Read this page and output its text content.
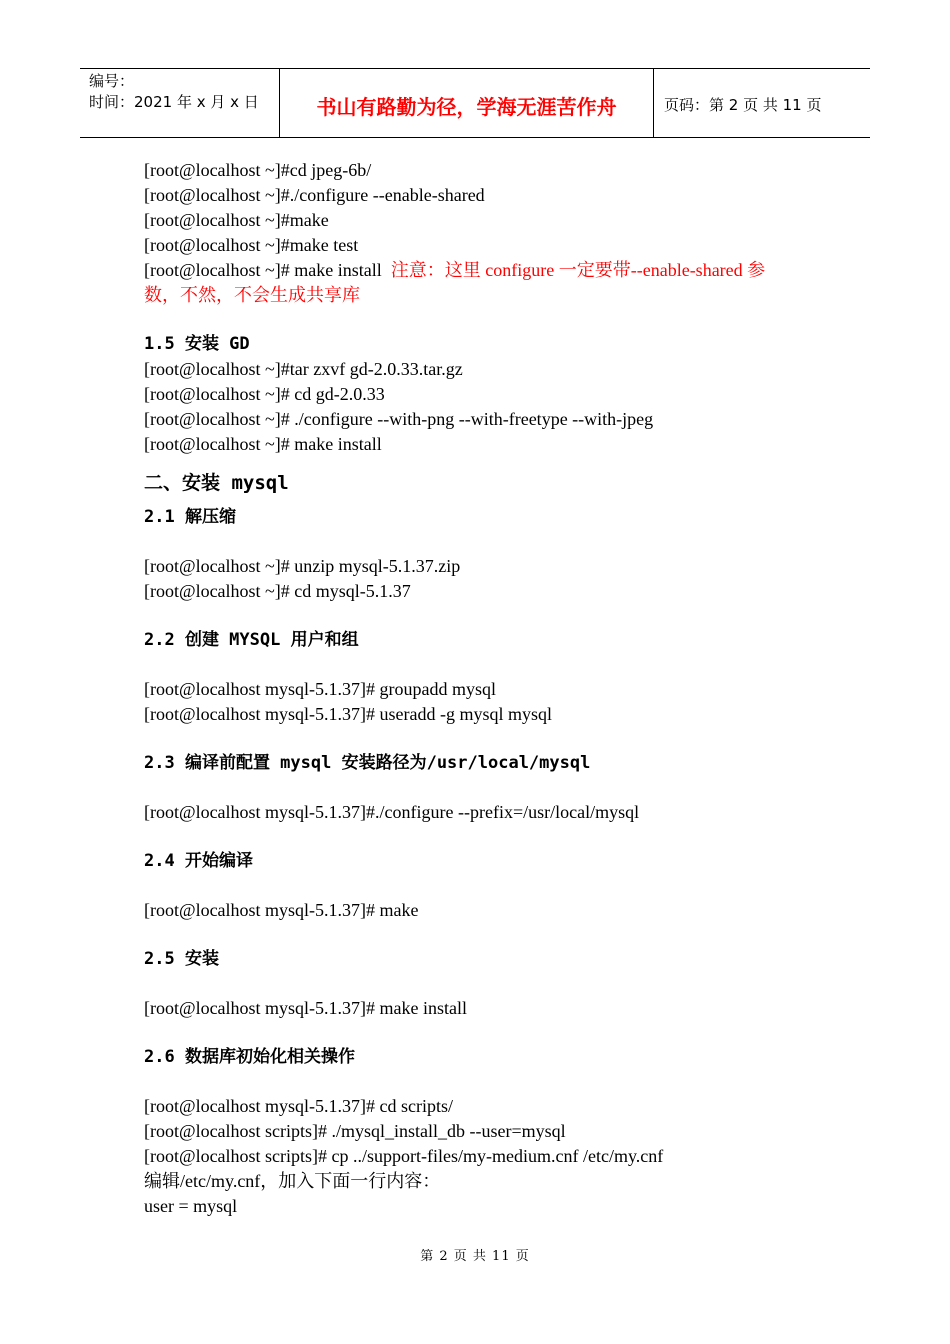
编号：
时间：2021 年 x 月 x 日	书山有路勤为径，学海无涯苦作舟	页码：第 2 页 共 11 页
[root@localhost ~]#cd jpeg-6b/
[root@localhost ~]#./configure --enable-shared
[root@localhost ~]#make
[root@localhost ~]#make test
[root@localhost ~]# make install 注意：这里 configure 一定要带--enable-shared 参
数，不然，不会生成共享库
1.5 安装 GD
[root@localhost ~]#tar zxvf gd-2.0.33.tar.gz
[root@localhost ~]# cd gd-2.0.33
[root@localhost ~]# ./configure --with-png --with-freetype --with-jpeg
[root@localhost ~]# make install
二、安装 mysql
2.1 解压缩
[root@localhost ~]# unzip mysql-5.1.37.zip
[root@localhost ~]# cd mysql-5.1.37
2.2 创建 MYSQL 用户和组
[root@localhost mysql-5.1.37]# groupadd mysql
[root@localhost mysql-5.1.37]# useradd -g mysql mysql
2.3 编译前配置 mysql 安装路径为/usr/local/mysql
[root@localhost mysql-5.1.37]#./configure --prefix=/usr/local/mysql
2.4 开始编译
[root@localhost mysql-5.1.37]# make
2.5 安装
[root@localhost mysql-5.1.37]# make install
2.6 数据库初始化相关操作
[root@localhost mysql-5.1.37]# cd scripts/
[root@localhost scripts]# ./mysql_install_db --user=mysql
[root@localhost scripts]# cp ../support-files/my-medium.cnf /etc/my.cnf
编辑/etc/my.cnf，加入下面一行内容：
user = mysql
第 2 页 共 11 页
